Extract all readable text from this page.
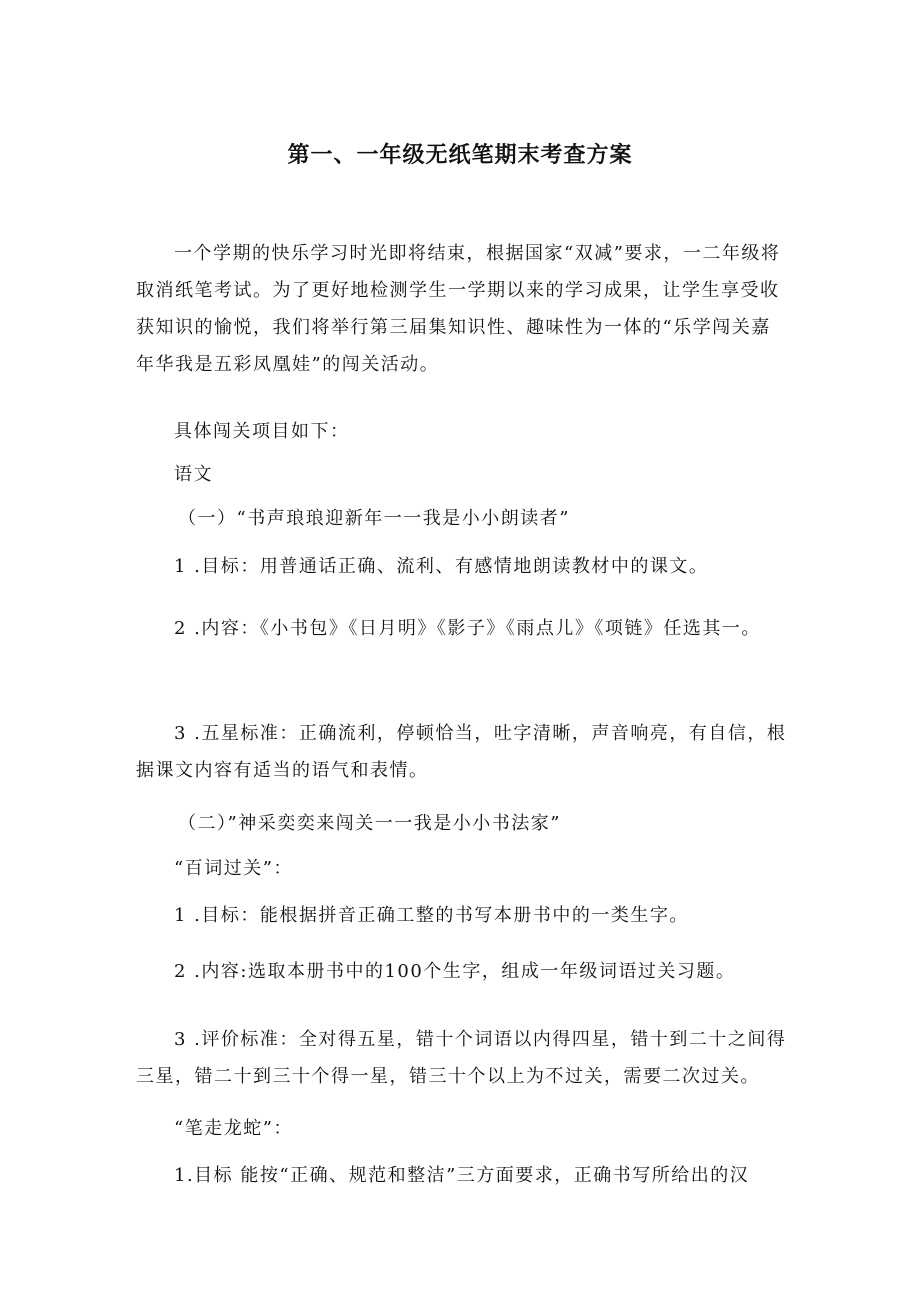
第一、一年级无纸笔期末考查方案
一个学期的快乐学习时光即将结束，根据国家“双减”要求，一二年级将取消纸笔考试。为了更好地检测学生一学期以来的学习成果，让学生享受收获知识的愉悦，我们将举行第三届集知识性、趣味性为一体的“乐学闯关嘉年华我是五彩凤凰娃”的闯关活动。
具体闯关项目如下：
语文
（一）“书声琅琅迎新年一一我是小小朗读者”
1 .目标：用普通话正确、流利、有感情地朗读教材中的课文。
2 .内容：《小书包》《日月明》《影子》《雨点儿》《项链》任选其一。
3 .五星标准：正确流利，停顿恰当，吐字清晰，声音响亮，有自信，根据课文内容有适当的语气和表情。
（二）”神采奕奕来闯关一一我是小小书法家”
“百词过关”：
1 .目标：能根据拼音正确工整的书写本册书中的一类生字。
2 .内容:选取本册书中的100个生字，组成一年级词语过关习题。
3 .评价标准：全对得五星，错十个词语以内得四星，错十到二十之间得三星，错二十到三十个得一星，错三十个以上为不过关，需要二次过关。
“笔走龙蛇”：
1.目标 能按“正确、规范和整洁”三方面要求，正确书写所给出的汉
